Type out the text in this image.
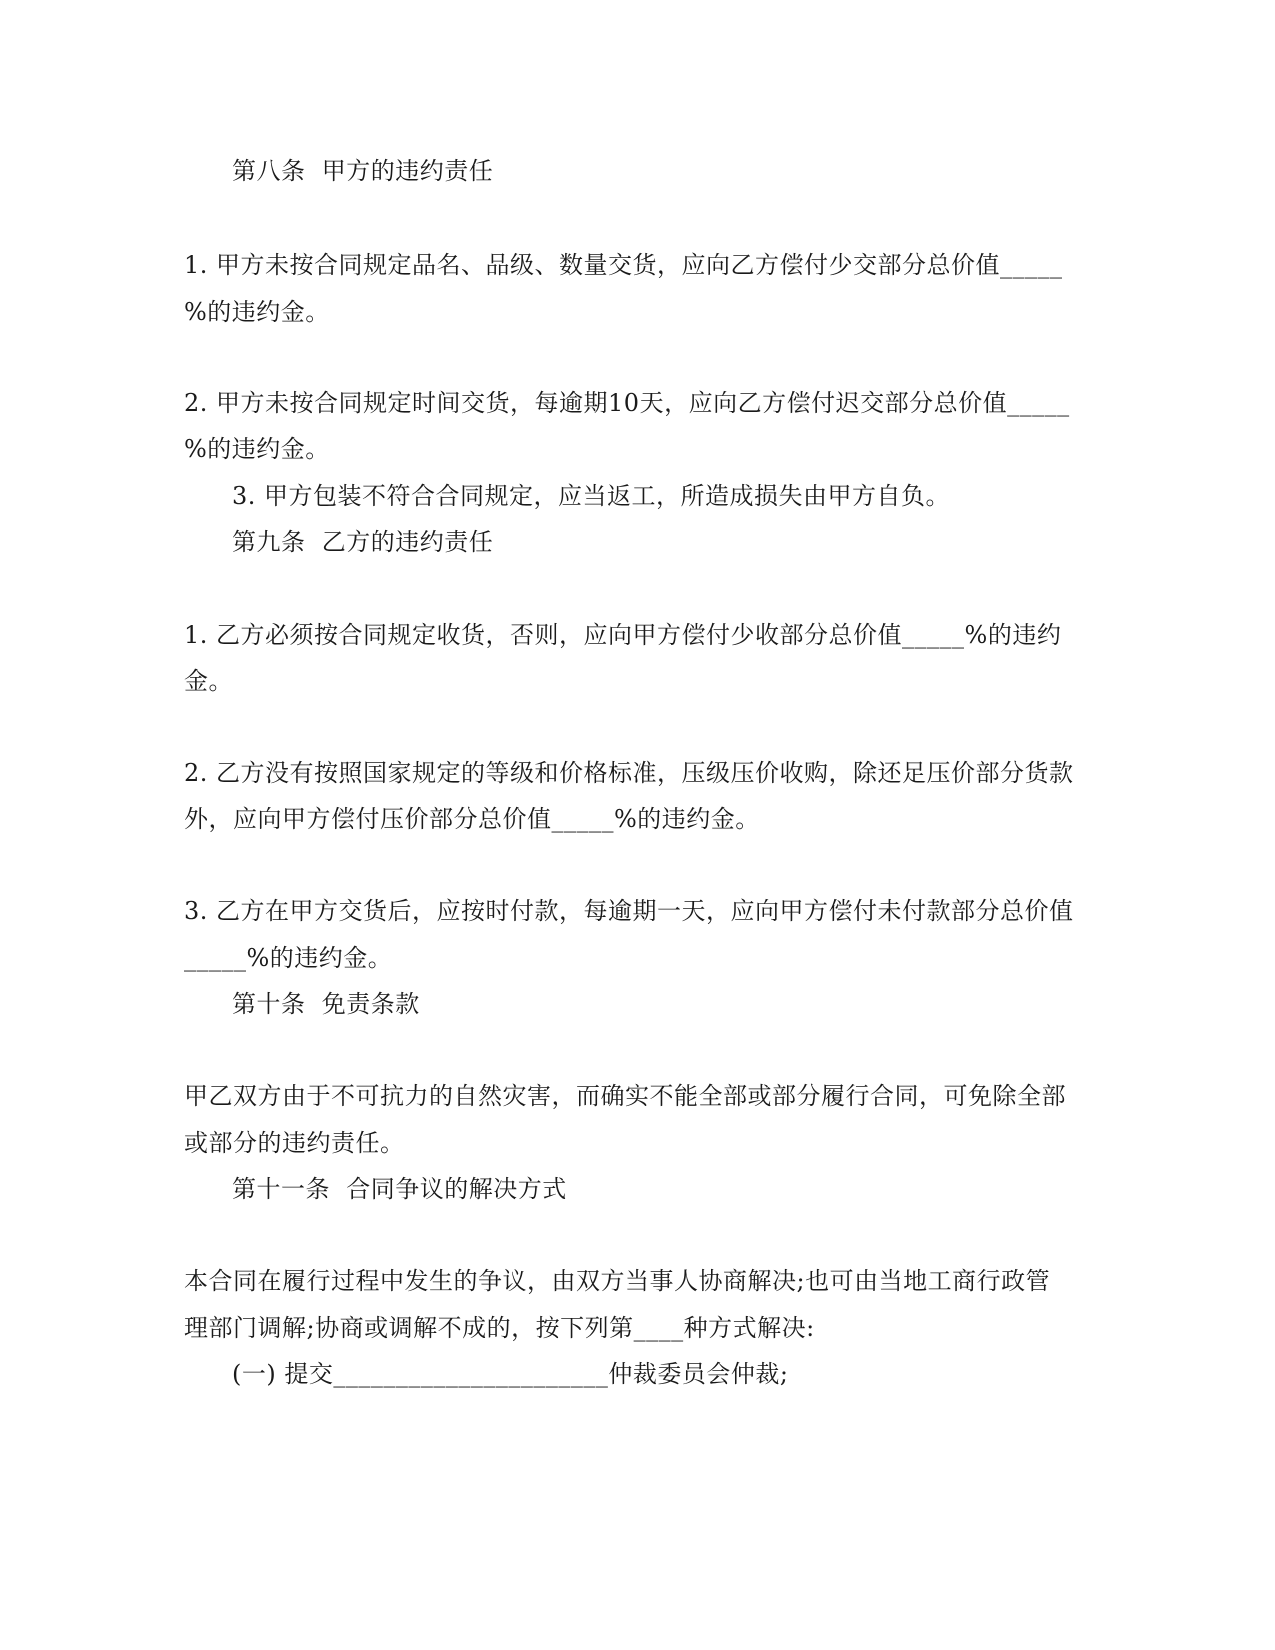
第八条  甲方的违约责任
1. 甲方未按合同规定品名、品级、数量交货，应向乙方偿付少交部分总价值_____
%的违约金。
2. 甲方未按合同规定时间交货，每逾期10天，应向乙方偿付迟交部分总价值_____
%的违约金。
3. 甲方包装不符合合同规定，应当返工，所造成损失由甲方自负。
第九条  乙方的违约责任
1. 乙方必须按合同规定收货，否则，应向甲方偿付少收部分总价值_____%的违约
金。
2. 乙方没有按照国家规定的等级和价格标准，压级压价收购，除还足压价部分货款
外，应向甲方偿付压价部分总价值_____%的违约金。
3. 乙方在甲方交货后，应按时付款，每逾期一天，应向甲方偿付未付款部分总价值
_____%的违约金。
第十条  免责条款
甲乙双方由于不可抗力的自然灾害，而确实不能全部或部分履行合同，可免除全部
或部分的违约责任。
第十一条  合同争议的解决方式
本合同在履行过程中发生的争议，由双方当事人协商解决;也可由当地工商行政管
理部门调解;协商或调解不成的，按下列第____种方式解决:
(一) 提交______________________仲裁委员会仲裁;
